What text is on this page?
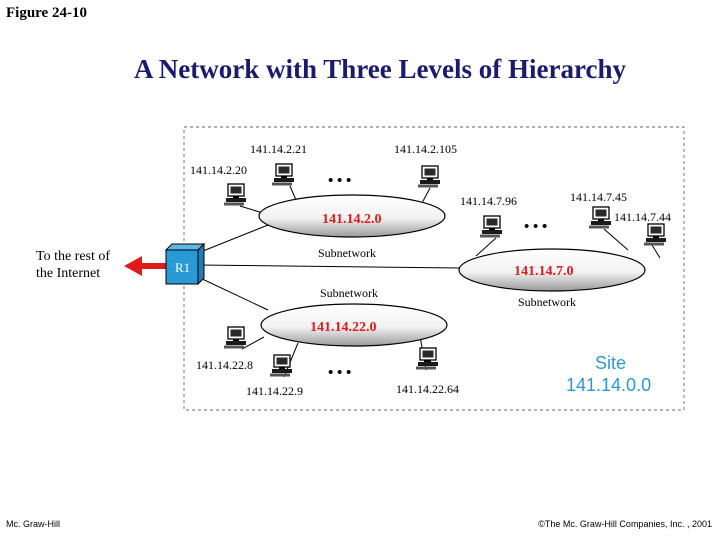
Figure 24-10
A Network with Three Levels of Hierarchy
141.14.2.0
141.14.7.0
141.14.22.0
Subnetwork
Subnetwork
Subnetwork
141.14.2.21	141.14.2.105
141.14.2.20
141.14.7.96	141.14.7.45
141.14.7.44
141.14.22.8
141.14.22.9	141.14.22.64
• • •
• • •
• • •
R1
To the rest of
the Internet
Site
141.14.0.0
Mc. Graw-Hill	©The Mc. Graw-Hill Companies, Inc. , 2001
